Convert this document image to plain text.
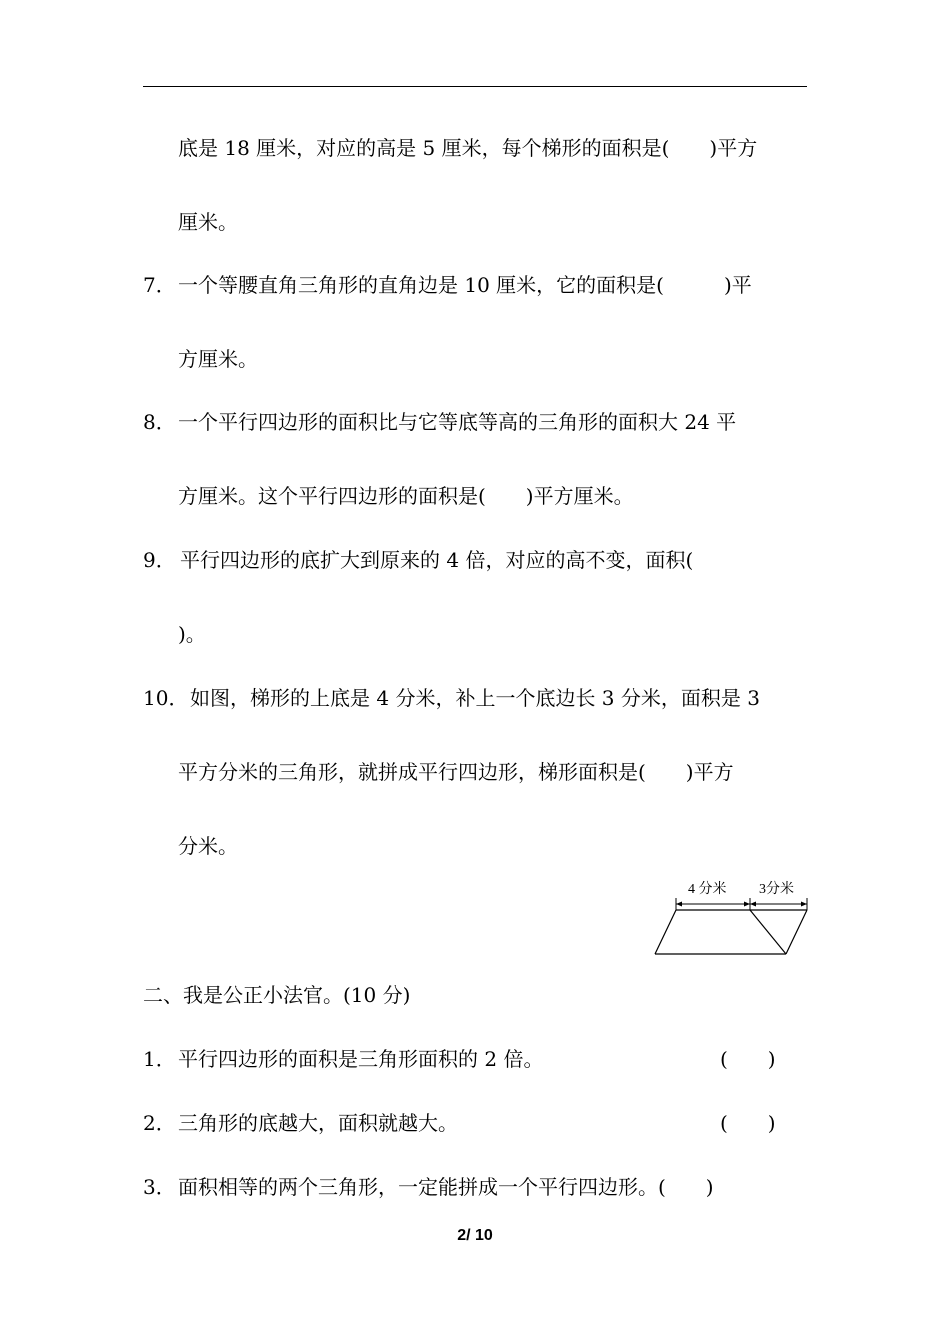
底是 18 厘米，对应的高是 5 厘米，每个梯形的面积是(　　)平方
厘米。
7． 一个等腰直角三角形的直角边是 10 厘米，它的面积是(　　　)平
方厘米。
8． 一个平行四边形的面积比与它等底等高的三角形的面积大 24 平
方厘米。这个平行四边形的面积是(　　)平方厘米。
9． 平行四边形的底扩大到原来的 4 倍，对应的高不变，面积(
)。
10． 如图，梯形的上底是 4 分米，补上一个底边长 3 分米，面积是 3
平方分米的三角形，就拼成平行四边形，梯形面积是(　　)平方
分米。
4 分米 3分米
二、我是公正小法官。(10 分)
1． 平行四边形的面积是三角形面积的 2 倍。	(　　)
2． 三角形的底越大，面积就越大。	(　　)
3． 面积相等的两个三角形，一定能拼成一个平行四边形。(　　)
2/ 10
